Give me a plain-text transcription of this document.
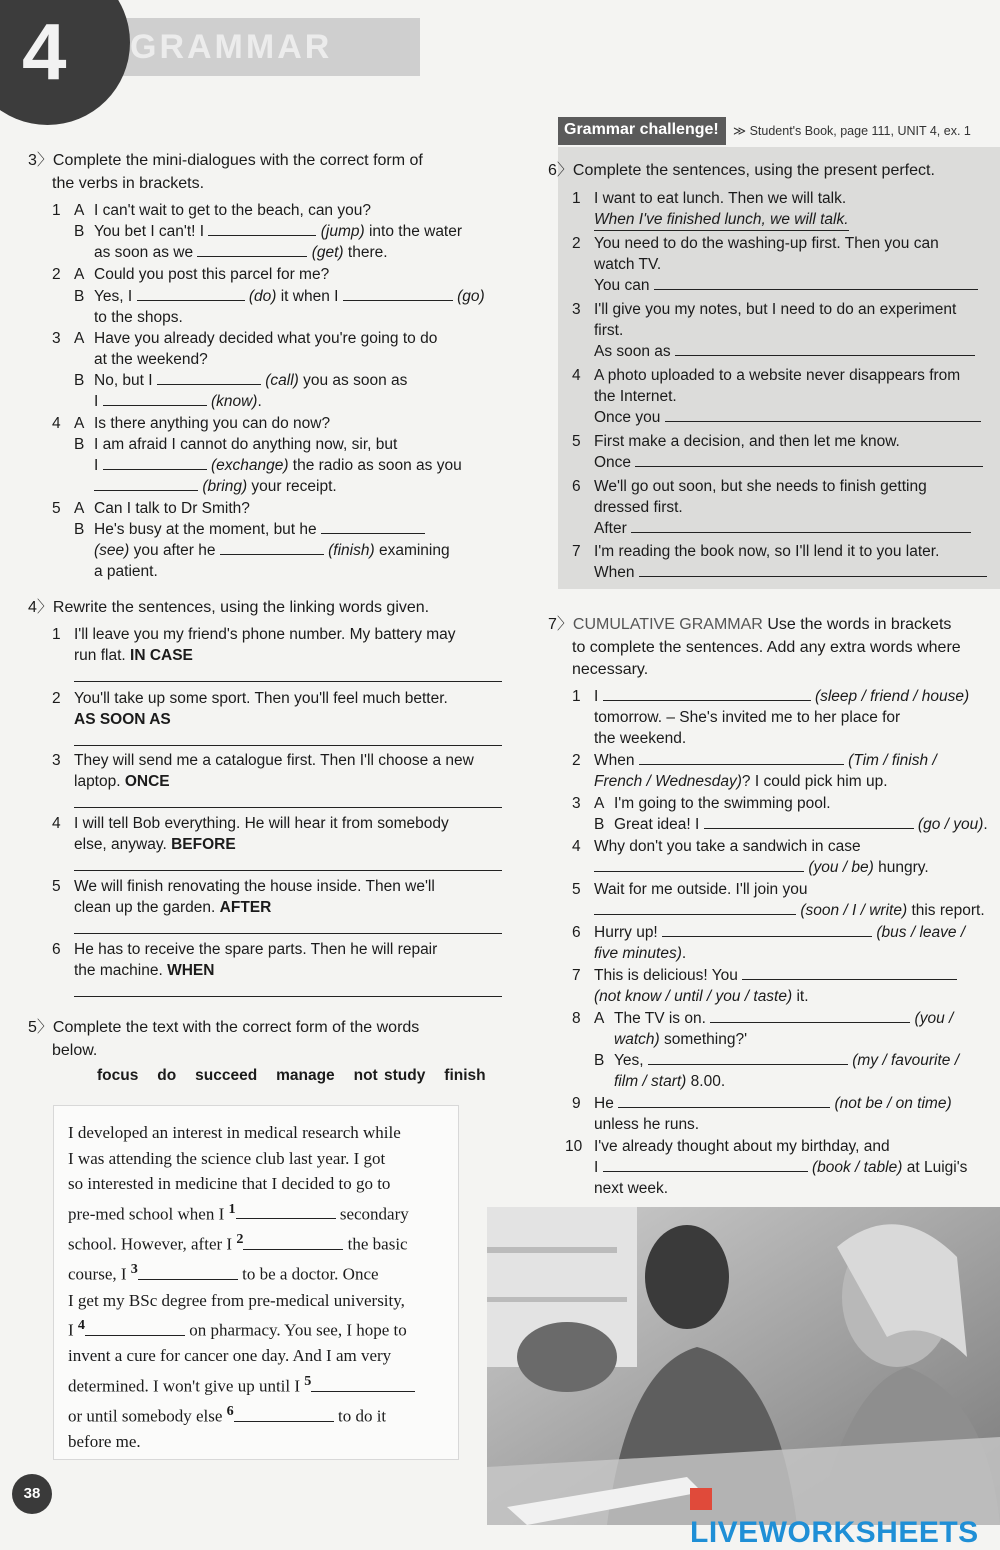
GRAMMAR
4
3〉Complete the mini-dialogues with the correct form of
the verbs in brackets.
1 A I can't wait to get to the beach, can you?
B You bet I can't! I	(jump) into the water
as soon as we	(get) there.
2 A Could you post this parcel for me?
B Yes, I	(do) it when I	(go)
to the shops.
3 A Have you already decided what you're going to do
at the weekend?
B No, but I	(call) you as soon as
I	(know).
4 A Is there anything you can do now?
B I am afraid I cannot do anything now, sir, but
I	(exchange) the radio as soon as you
(bring) your receipt.
5 A Can I talk to Dr Smith?
B He's busy at the moment, but he
(see) you after he	(finish) examining
a patient.
4〉Rewrite the sentences, using the linking words given.
1 I'll leave you my friend's phone number. My battery may
run flat. IN CASE
2 You'll take up some sport. Then you'll feel much better.
AS SOON AS
3 They will send me a catalogue first. Then I'll choose a new
laptop. ONCE
4 I will tell Bob everything. He will hear it from somebody
else, anyway. BEFORE
5 We will finish renovating the house inside. Then we'll
clean up the garden. AFTER
6 He has to receive the spare parts. Then he will repair
the machine. WHEN
5〉Complete the text with the correct form of the words
below.
focus do succeed manage not study finish
I developed an interest in medical research while
I was attending the science club last year. I got
so interested in medicine that I decided to go to
pre-med school when I $^1$	secondary
school. However, after I $^2$	the basic
course, I $^3$	to be a doctor. Once
I get my BSc degree from pre-medical university,
I $^4$	on pharmacy. You see, I hope to
invent a cure for cancer one day. And I am very
determined. I won't give up until I $^5$
or until somebody else $^6$	to do it
before me.
Grammar challenge!	≫ Student's Book, page 111, UNIT 4, ex. 1
6〉Complete the sentences, using the present perfect.
1 I want to eat lunch. Then we will talk.
When I've finished lunch, we will talk.
2 You need to do the washing-up first. Then you can
watch TV.
You can
3 I'll give you my notes, but I need to do an experiment
first.
As soon as
4 A photo uploaded to a website never disappears from
the Internet.
Once you
5 First make a decision, and then let me know.
Once
6 We'll go out soon, but she needs to finish getting
dressed first.
After
7 I'm reading the book now, so I'll lend it to you later.
When
7〉CUMULATIVE GRAMMAR Use the words in brackets
to complete the sentences. Add any extra words where
necessary.
1 I	(sleep / friend / house)
tomorrow. – She's invited me to her place for
the weekend.
2 When	(Tim / finish /
French / Wednesday)? I could pick him up.
3 A I'm going to the swimming pool.
B Great idea! I	(go / you).
4 Why don't you take a sandwich in case
(you / be) hungry.
5 Wait for me outside. I'll join you
(soon / I / write) this report.
6 Hurry up!	(bus / leave /
five minutes).
7 This is delicious! You
(not know / until / you / taste) it.
8 A The TV is on.	(you /
watch) something?'
B Yes,	(my / favourite /
film / start) 8.00.
9 He	(not be / on time)
unless he runs.
10 I've already thought about my birthday, and
I	(book / table) at Luigi's
next week.
38
LIVEWORKSHEETS
